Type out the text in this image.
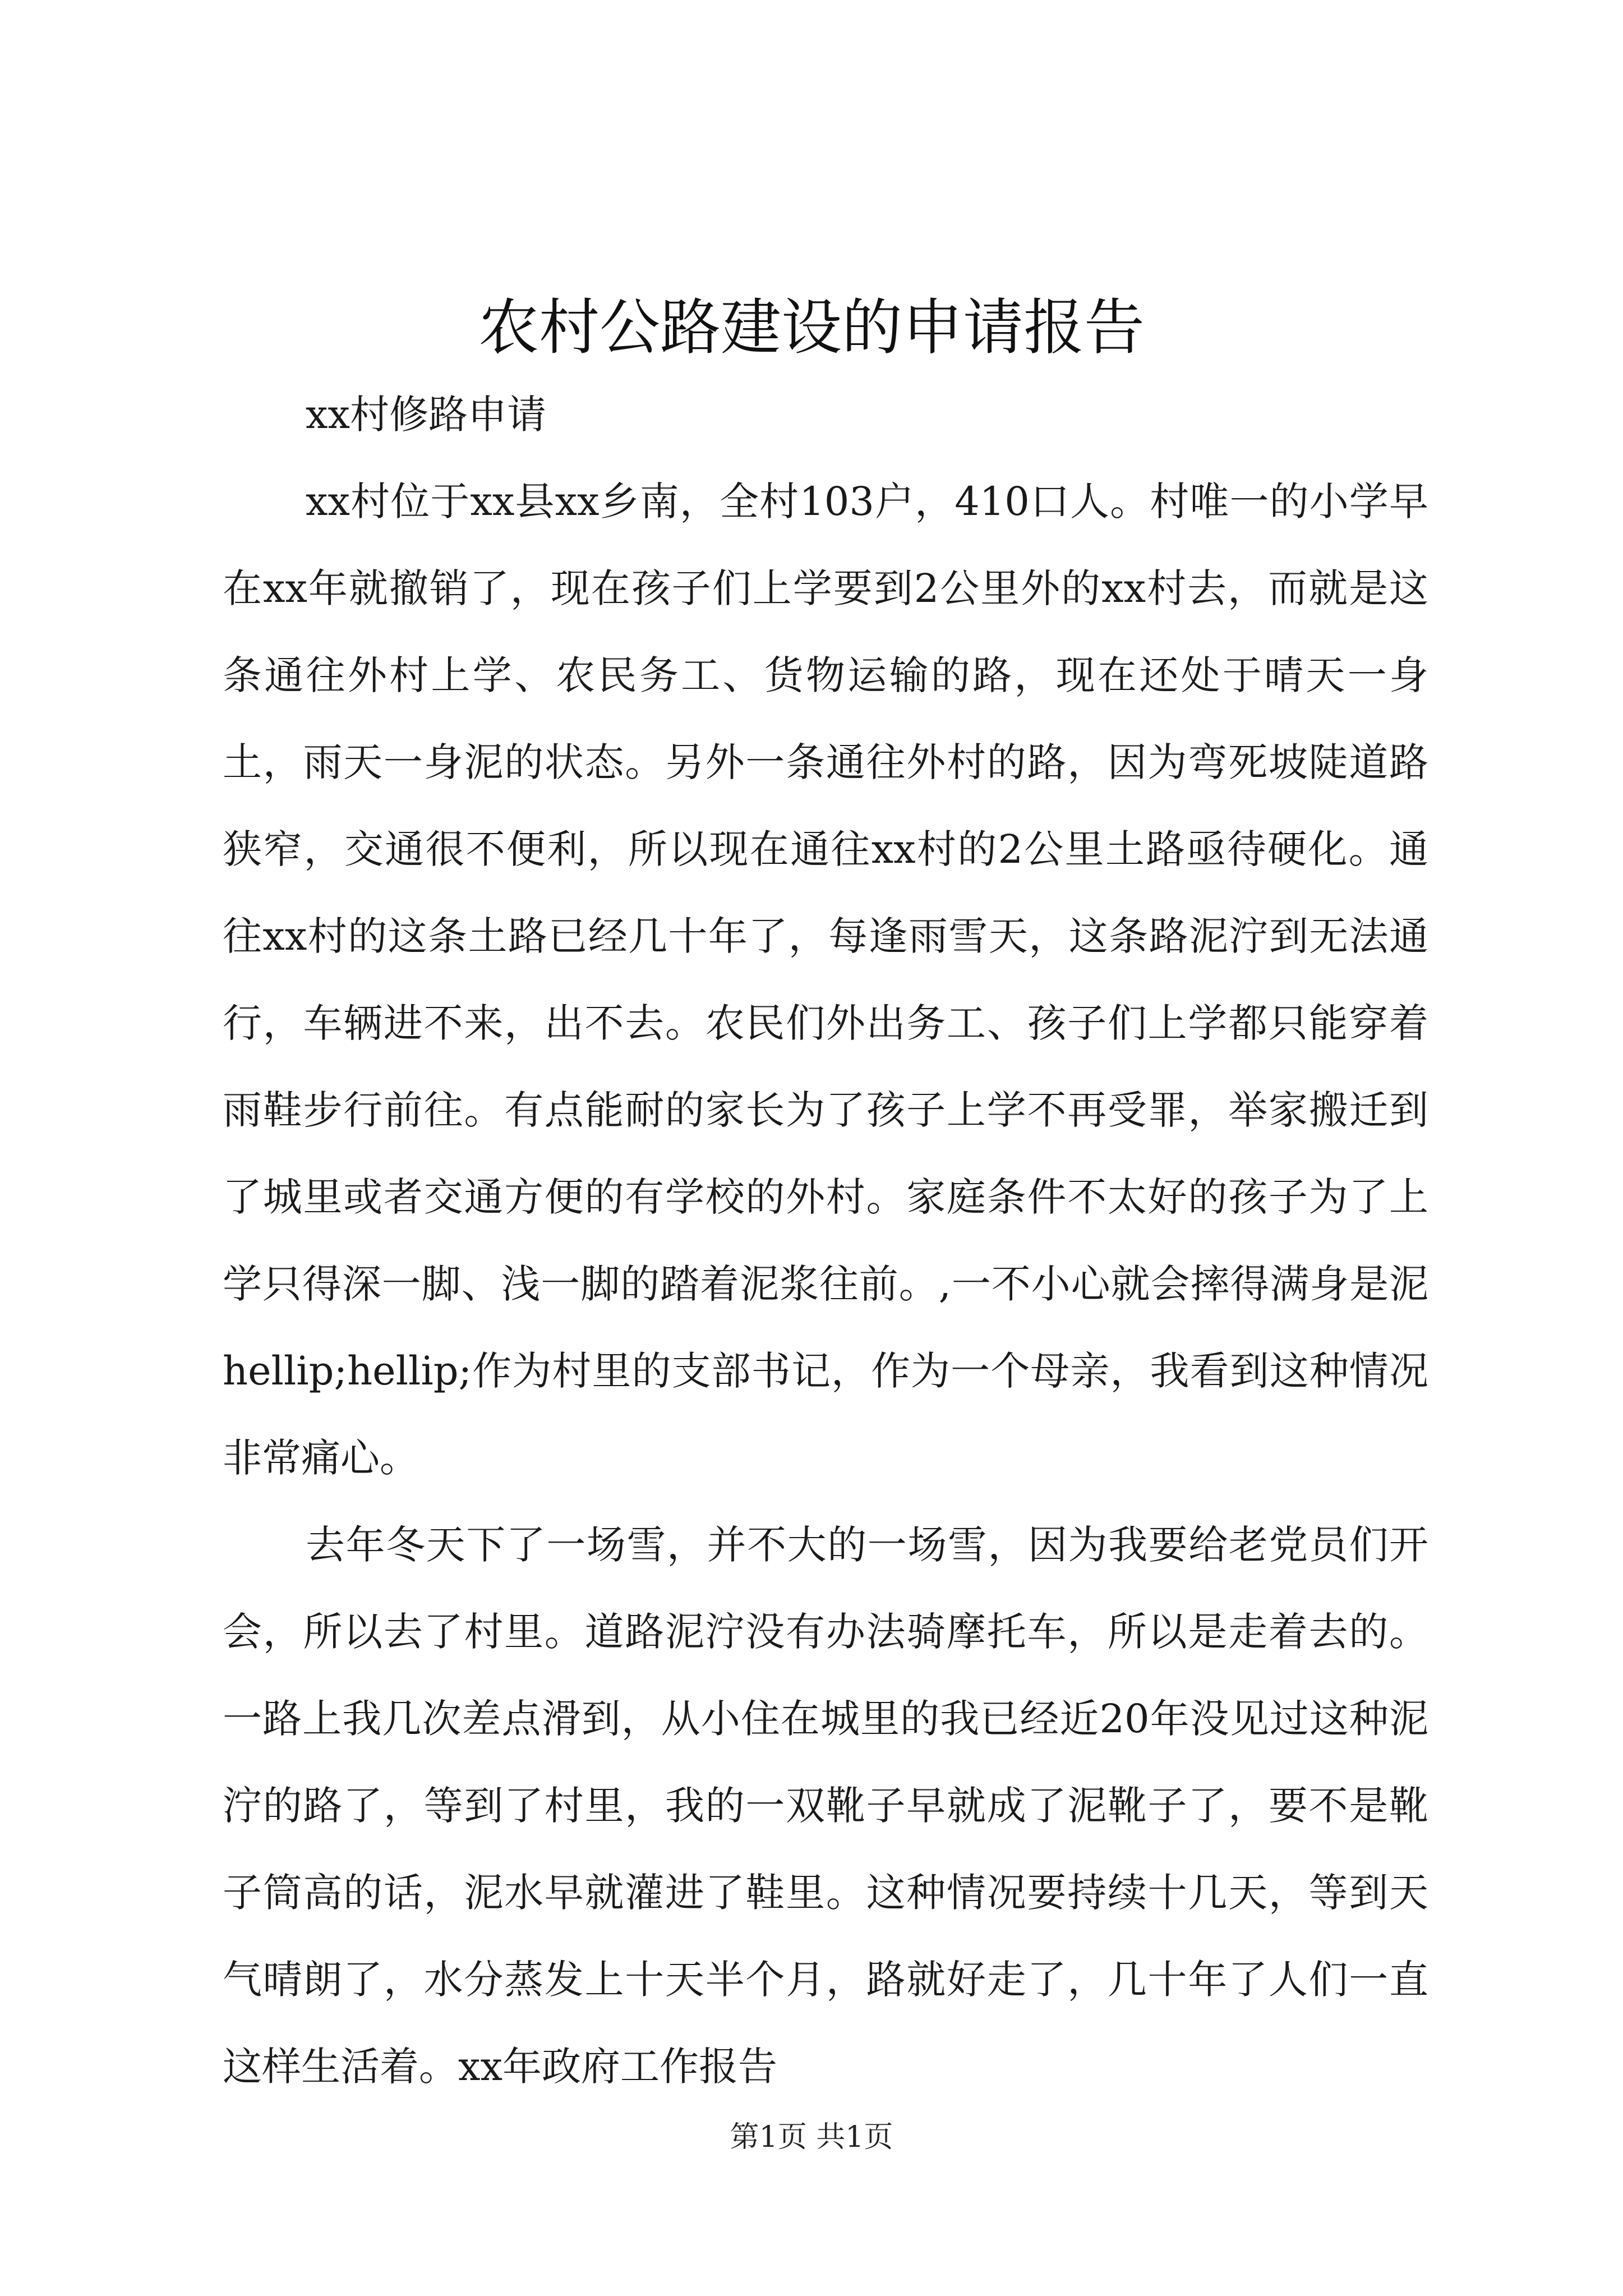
农村公路建设的申请报告

xx村修路申请

xx村位于xx县xx乡南，全村103户，410口人。村唯一的小学早在xx年就撤销了，现在孩子们上学要到2公里外的xx村去，而就是这条通往外村上学、农民务工、货物运输的路，现在还处于晴天一身土，雨天一身泥的状态。另外一条通往外村的路，因为弯死坡陡道路狭窄，交通很不便利，所以现在通往xx村的2公里土路亟待硬化。通往xx村的这条土路已经几十年了，每逢雨雪天，这条路泥泞到无法通行，车辆进不来，出不去。农民们外出务工、孩子们上学都只能穿着雨鞋步行前往。有点能耐的家长为了孩子上学不再受罪，举家搬迁到了城里或者交通方便的有学校的外村。家庭条件不太好的孩子为了上学只得深一脚、浅一脚的踏着泥浆往前。,一不小心就会摔得满身是泥hellip;hellip;作为村里的支部书记，作为一个母亲，我看到这种情况非常痛心。

去年冬天下了一场雪，并不大的一场雪，因为我要给老党员们开会，所以去了村里。道路泥泞没有办法骑摩托车，所以是走着去的。一路上我几次差点滑到，从小住在城里的我已经近20年没见过这种泥泞的路了，等到了村里，我的一双靴子早就成了泥靴子了，要不是靴子筒高的话，泥水早就灌进了鞋里。这种情况要持续十几天，等到天气晴朗了，水分蒸发上十天半个月，路就好走了，几十年了人们一直这样生活着。xx年政府工作报告

第1页 共1页
